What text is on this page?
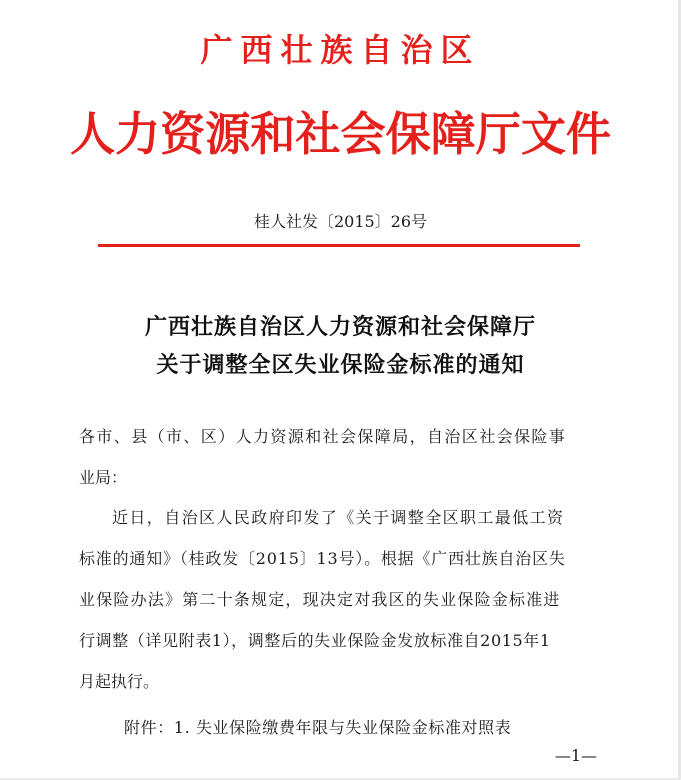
广西壮族自治区
人力资源和社会保障厅文件
桂人社发〔2015〕26号
广西壮族自治区人力资源和社会保障厅
关于调整全区失业保险金标准的通知
各市、县（市、区）人力资源和社会保障局，自治区社会保险事
业局：
近日，自治区人民政府印发了《关于调整全区职工最低工资
标准的通知》（桂政发〔2015〕13号）。根据《广西壮族自治区失
业保险办法》第二十条规定，现决定对我区的失业保险金标准进
行调整（详见附表1），调整后的失业保险金发放标准自2015年1
月起执行。
附件：1. 失业保险缴费年限与失业保险金标准对照表
—1—
